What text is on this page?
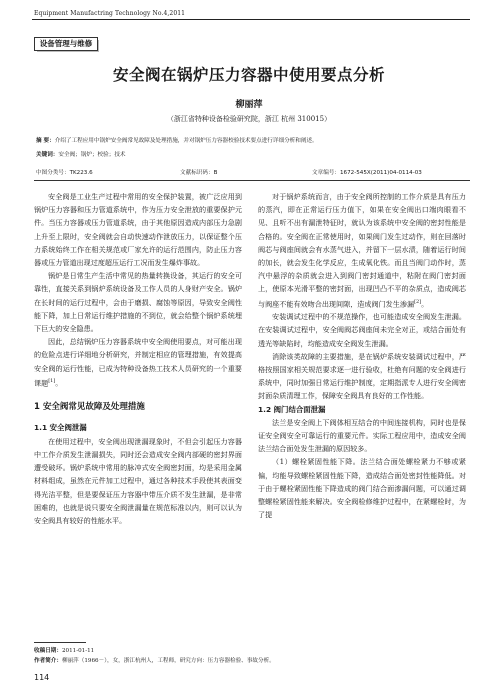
Equipment Manufactring Technology No.4,2011
设备管理与维修
安全阀在锅炉压力容器中使用要点分析
柳丽萍
（浙江省特种设备检验研究院，浙江 杭州 310015）
摘 要：介绍了工程应用中锅炉安全阀常见故障及处理措施，并对锅炉压力容器校验技术要点进行详细分析和阐述。
关键词：安全阀；锅炉；校验；技术
中图分类号：TK223.6	文献标识码：B	文章编号：1672-545X(2011)04-0114-03

安全阀是工业生产过程中常用的安全保护装置，被广泛应用到锅炉压力容器和压力管道系统中，作为压力安全泄放的重要保护元件。当压力容器或压力管道系统，由于其他原因造成内部压力急剧上升至上限时，安全阀就会自动快速动作泄放压力，以保证整个压力系统始终工作在相关规范或厂家允许的运行范围内，防止压力容器或压力管道出现过度超压运行工况而发生爆炸事故。

锅炉是日常生产生活中常见的热量转换设备，其运行的安全可靠性，直接关系到锅炉系统设备及工作人员的人身财产安全。锅炉在长时间的运行过程中，会由于磨损、腐蚀等原因，导致安全阀性能下降，加上日常运行维护措施的不到位，就会给整个锅炉系统埋下巨大的安全隐患。

因此，总结锅炉压力容器系统中安全阀使用要点，对可能出现的危险点进行详细地分析研究，并制定相应的管理措施，有效提高安全阀的运行性能，已成为特种设备热工技术人员研究的一个重要课题[1]。

1 安全阀常见故障及处理措施
1.1 安全阀泄漏

在使用过程中，安全阀出现泄漏现象时，不但会引起压力容器中工作介质发生泄漏损失，同时还会造成安全阀内部硬的密封界面遭受破坏。锅炉系统中常用的脉冲式安全阀密封面，均是采用金属材料组成，虽然在元件加工过程中，通过各种技术手段使其表面变得光洁平整，但是要保证压力容器中带压介质不发生泄漏，是非常困难的，也就是说只要安全阀泄漏量在规范标准以内，则可以认为安全阀具有较好的性能水平。

对于锅炉系统而言，由于安全阀所控制的工作介质是具有压力的蒸汽，即在正常运行压力值下，如果在安全阀出口端肉眼看不见、且听不出有漏泄特征时，就认为该系统中安全阀的密封性能是合格的。安全阀在正常使用时，如果阀门发生过动作，则在回落时阀芯与阀座间就会有水蒸气进入，并留下一层水渍，随着运行时间的加长，就会发生化学反应，生成氧化铁。而且当阀门动作时，蒸汽中悬浮的杂质就会进入到阀门密封通道中，粘附在阀门密封面上，使原本光滑平整的密封面，出现凹凸不平的杂质点，造成阀芯与阀座不能有效吻合出现间隙，造成阀门发生渗漏[2]。

安装调试过程中的不规范操作，也可能造成安全阀发生泄漏。在安装调试过程中，安全阀阀芯阀座间未完全对正，或结合面处有透光等缺陷时，均能造成安全阀发生泄漏。

消除该类故障的主要措施，是在锅炉系统安装调试过程中，严格按照国家相关规范要求逐一进行验收，杜绝有问题的安全阀进行系统中，同时加强日常运行维护制度，定期指派专人进行安全阀密封面杂质清理工作，保障安全阀具有良好的工作性能。

1.2 阀门结合面泄漏

法兰是安全阀上下阀体相互结合的中间连接机构，同时也是保证安全阀安全可靠运行的重要元件。实际工程应用中，造成安全阀法兰结合面处发生泄漏的原因较多。

（1）螺栓紧固性能下降。法兰结合面处螺栓紧力不够或紧偏，均能导致螺栓紧固性能下降，造成结合面处密封性能降低。对于由于螺栓紧固性能下降造成的阀门结合面渗漏问题，可以通过调整螺栓紧固性能来解决。安全阀检修维护过程中，在紧螺栓时，为了提

收稿日期：2011-01-11
作者简介：柳丽萍（1966－），女，浙江杭州人，工程师，研究方向：压力容器检验、事故分析。
114
